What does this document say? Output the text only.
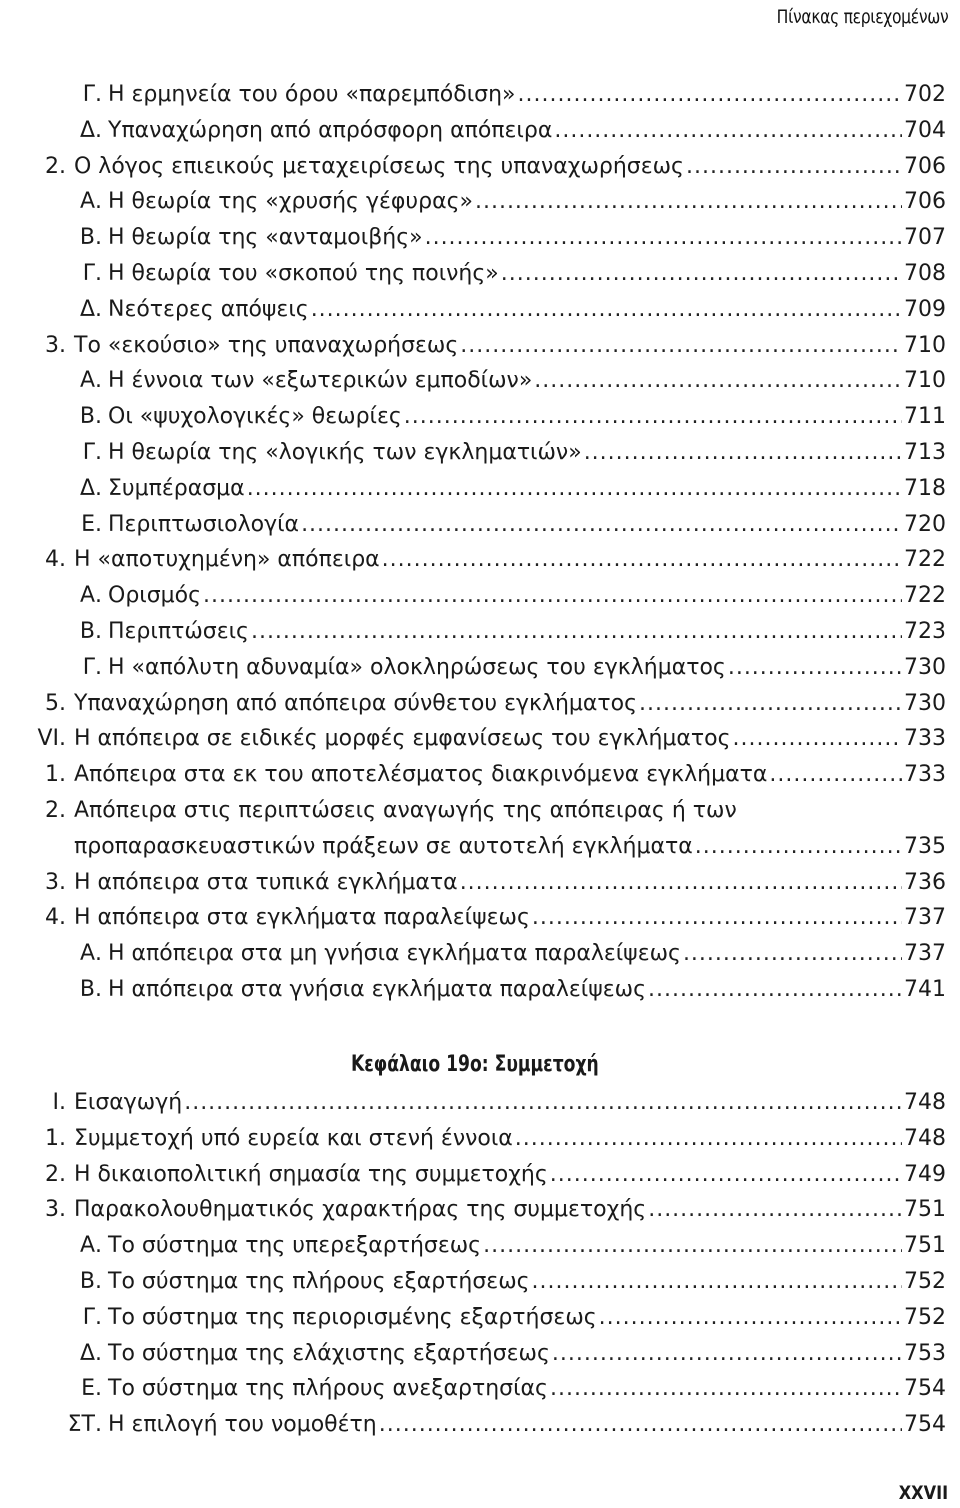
Πίνακας περιεχομένων
Γ. Η ερμηνεία του όρου «παρεμπόδιση» .....	702
Δ. Υπαναχώρηση από απρόσφορη απόπειρα .....	704
2. Ο λόγος επιεικούς μεταχειρίσεως της υπαναχωρήσεως .....	706
Α. Η θεωρία της «χρυσής γέφυρας» .....	706
Β. Η θεωρία της «ανταμοιβής» .....	707
Γ. Η θεωρία του «σκοπού της ποινής» .....	708
Δ. Νεότερες απόψεις .....	709
3. Το «εκούσιο» της υπαναχωρήσεως .....	710
Α. Η έννοια των «εξωτερικών εμποδίων» .....	710
Β. Οι «ψυχολογικές» θεωρίες .....	711
Γ. Η θεωρία της «λογικής των εγκληματιών» .....	713
Δ. Συμπέρασμα .....	718
Ε. Περιπτωσιολογία .....	720
4. Η «αποτυχημένη» απόπειρα .....	722
Α. Ορισμός .....	722
Β. Περιπτώσεις .....	723
Γ. Η «απόλυτη αδυναμία» ολοκληρώσεως του εγκλήματος .....	730
5. Υπαναχώρηση από απόπειρα σύνθετου εγκλήματος .....	730
VI. Η απόπειρα σε ειδικές μορφές εμφανίσεως του εγκλήματος .....	733
1. Απόπειρα στα εκ του αποτελέσματος διακρινόμενα εγκλήματα .....	733
2. Απόπειρα στις περιπτώσεις αναγωγής της απόπειρας ή των
προπαρασκευαστικών πράξεων σε αυτοτελή εγκλήματα .....	735
3. Η απόπειρα στα τυπικά εγκλήματα .....	736
4. Η απόπειρα στα εγκλήματα παραλείψεως .....	737
Α. Η απόπειρα στα μη γνήσια εγκλήματα παραλείψεως .....	737
Β. Η απόπειρα στα γνήσια εγκλήματα παραλείψεως .....	741
I. Εισαγωγή .....	748
1. Συμμετοχή υπό ευρεία και στενή έννοια .....	748
2. Η δικαιοπολιτική σημασία της συμμετοχής .....	749
3. Παρακολουθηματικός χαρακτήρας της συμμετοχής .....	751
Α. Το σύστημα της υπερεξαρτήσεως .....	751
Β. Το σύστημα της πλήρους εξαρτήσεως .....	752
Γ. Το σύστημα της περιορισμένης εξαρτήσεως .....	752
Δ. Το σύστημα της ελάχιστης εξαρτήσεως .....	753
Ε. Το σύστημα της πλήρους ανεξαρτησίας .....	754
ΣΤ. Η επιλογή του νομοθέτη .....	754
Κεφάλαιο 19ο: Συμμετοχή
XXVII
